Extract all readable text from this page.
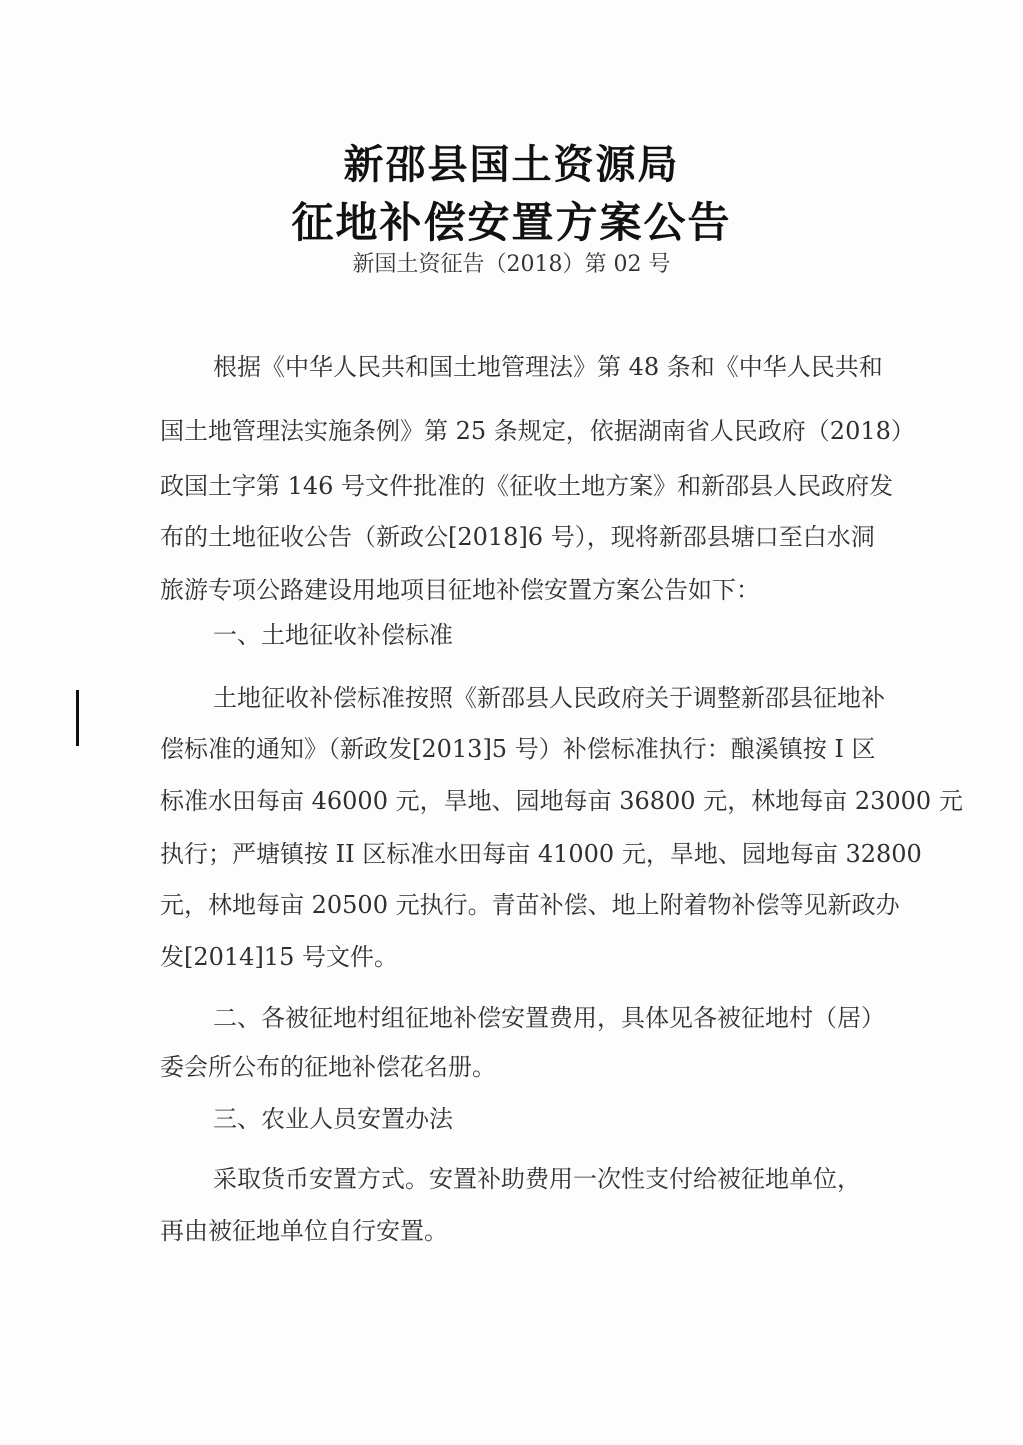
新邵县国土资源局
征地补偿安置方案公告
新国土资征告（2018）第 02 号
根据《中华人民共和国土地管理法》第 48 条和《中华人民共和
国土地管理法实施条例》第 25 条规定，依据湖南省人民政府（2018）
政国土字第 146 号文件批准的《征收土地方案》和新邵县人民政府发
布的土地征收公告（新政公[2018]6 号），现将新邵县塘口至白水洞
旅游专项公路建设用地项目征地补偿安置方案公告如下：
一、土地征收补偿标准
土地征收补偿标准按照《新邵县人民政府关于调整新邵县征地补
偿标准的通知》（新政发[2013]5 号）补偿标准执行：酿溪镇按 I 区
标准水田每亩 46000 元，旱地、园地每亩 36800 元，林地每亩 23000 元
执行；严塘镇按 II 区标准水田每亩 41000 元，旱地、园地每亩 32800
元，林地每亩 20500 元执行。青苗补偿、地上附着物补偿等见新政办
发[2014]15 号文件。
二、各被征地村组征地补偿安置费用，具体见各被征地村（居）
委会所公布的征地补偿花名册。
三、农业人员安置办法
采取货币安置方式。安置补助费用一次性支付给被征地单位，
再由被征地单位自行安置。
